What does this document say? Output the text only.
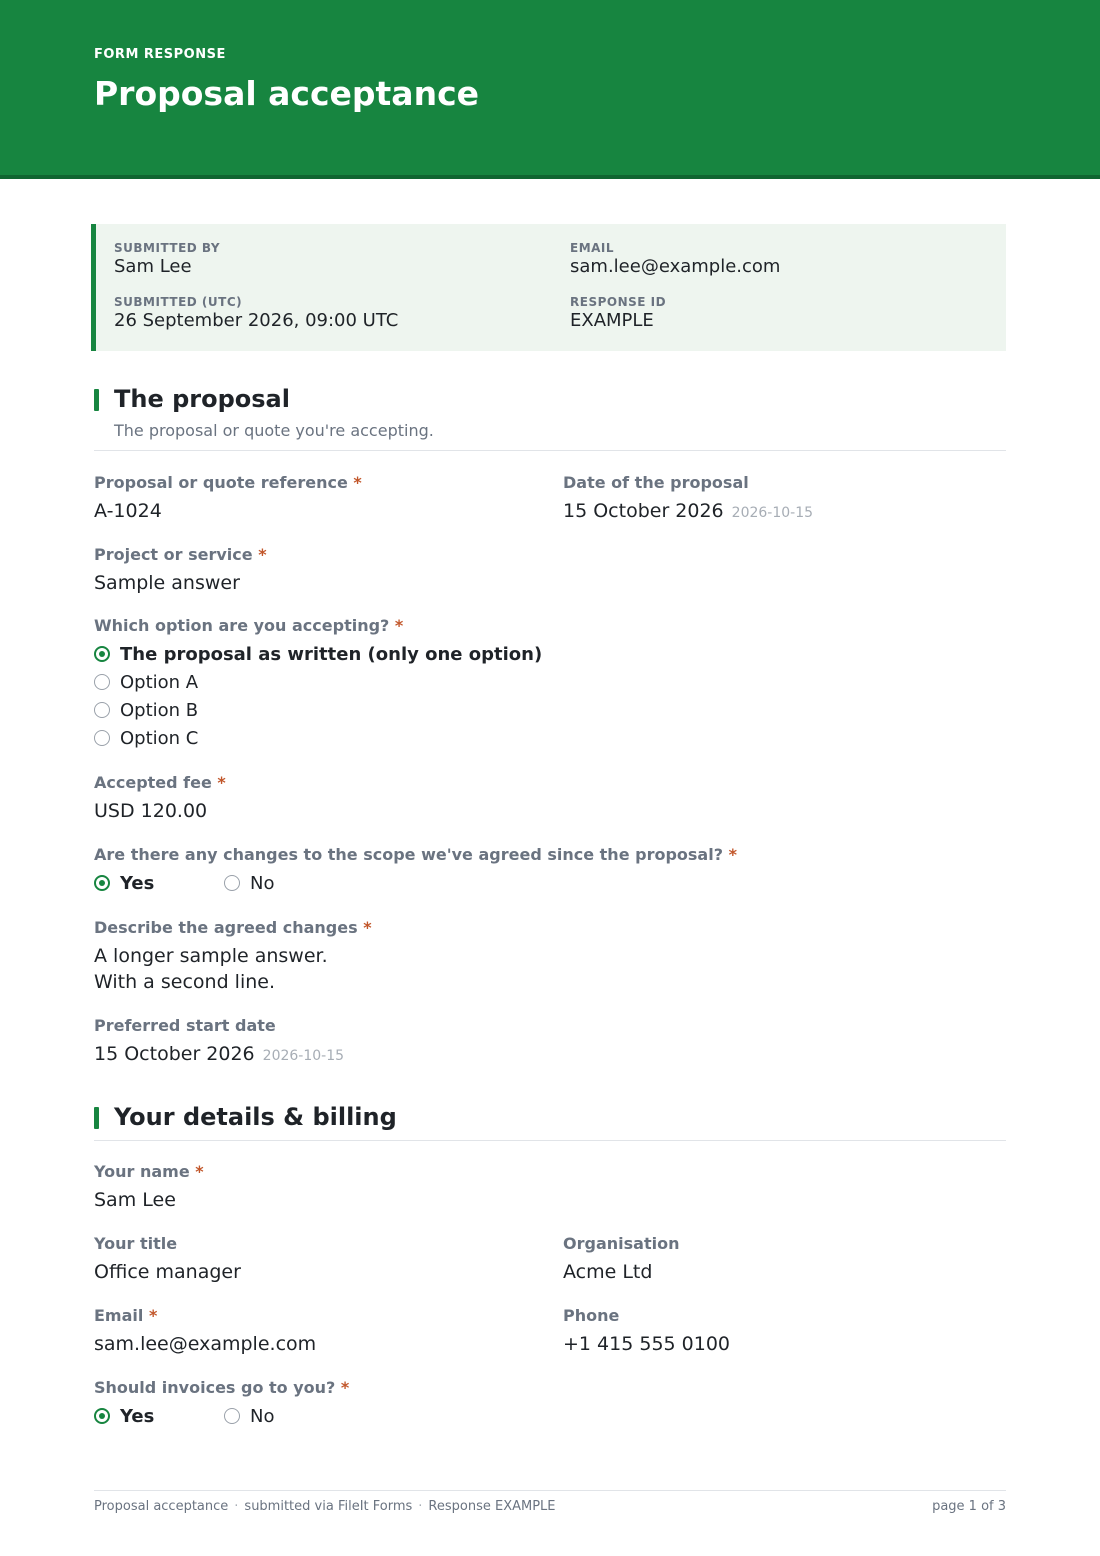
FORM RESPONSE
Proposal acceptance
SUBMITTED BY
Sam Lee
EMAIL
sam.lee@example.com
SUBMITTED (UTC)
26 September 2026, 09:00 UTC
RESPONSE ID
EXAMPLE
The proposal
The proposal or quote you're accepting.
Proposal or quote reference *
A-1024
Date of the proposal
15 October 2026 2026-10-15
Project or service *
Sample answer
Which option are you accepting? *
The proposal as written (only one option)
Option A
Option B
Option C
Accepted fee *
USD 120.00
Are there any changes to the scope we've agreed since the proposal? *
Yes	No
Describe the agreed changes *
A longer sample answer.
With a second line.
Preferred start date
15 October 2026 2026-10-15
Your details & billing
Your name *
Sam Lee
Your title
Office manager
Organisation
Acme Ltd
Email *
sam.lee@example.com
Phone
+1 415 555 0100
Should invoices go to you? *
Yes	No
Proposal acceptance · submitted via FileIt Forms · Response EXAMPLE	page 1 of 3
